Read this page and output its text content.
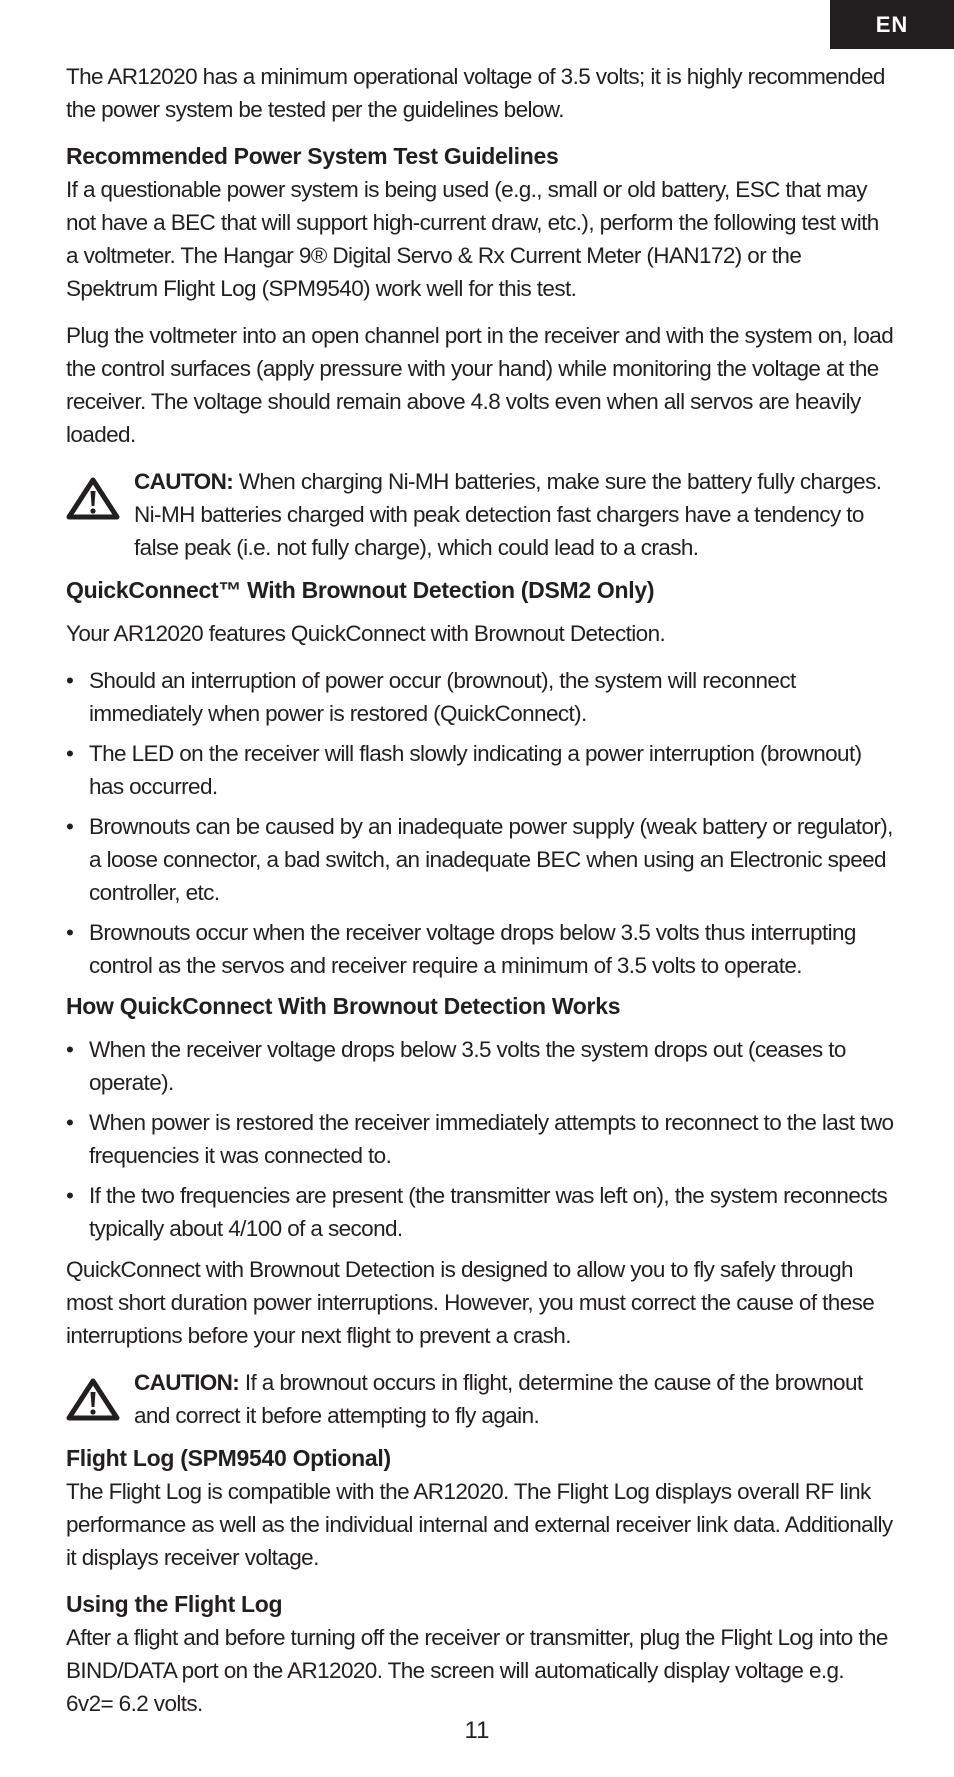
EN

The AR12020 has a minimum operational voltage of 3.5 volts; it is highly recommended the power system be tested per the guidelines below.

Recommended Power System Test Guidelines

If a questionable power system is being used (e.g., small or old battery, ESC that may not have a BEC that will support high-current draw, etc.), perform the following test with a voltmeter. The Hangar 9® Digital Servo & Rx Current Meter (HAN172) or the Spektrum Flight Log (SPM9540) work well for this test.

Plug the voltmeter into an open channel port in the receiver and with the system on, load the control surfaces (apply pressure with your hand) while monitoring the voltage at the receiver. The voltage should remain above 4.8 volts even when all servos are heavily loaded.

CAUTON: When charging Ni-MH batteries, make sure the battery fully charges. Ni-MH batteries charged with peak detection fast chargers have a tendency to false peak (i.e. not fully charge), which could lead to a crash.
QuickConnect™ With Brownout Detection (DSM2 Only)

Your AR12020 features QuickConnect with Brownout Detection.

• Should an interruption of power occur (brownout), the system will reconnect immediately when power is restored (QuickConnect).
• The LED on the receiver will flash slowly indicating a power interruption (brownout) has occurred.
• Brownouts can be caused by an inadequate power supply (weak battery or regulator), a loose connector, a bad switch, an inadequate BEC when using an Electronic speed controller, etc.
• Brownouts occur when the receiver voltage drops below 3.5 volts thus interrupting control as the servos and receiver require a minimum of 3.5 volts to operate.
How QuickConnect With Brownout Detection Works
• When the receiver voltage drops below 3.5 volts the system drops out (ceases to operate).
• When power is restored the receiver immediately attempts to reconnect to the last two frequencies it was connected to.
• If the two frequencies are present (the transmitter was left on), the system reconnects typically about 4/100 of a second.

QuickConnect with Brownout Detection is designed to allow you to fly safely through most short duration power interruptions. However, you must correct the cause of these interruptions before your next flight to prevent a crash.

CAUTION: If a brownout occurs in flight, determine the cause of the brownout and correct it before attempting to fly again.
Flight Log (SPM9540 Optional)

The Flight Log is compatible with the AR12020. The Flight Log displays overall RF link performance as well as the individual internal and external receiver link data. Additionally it displays receiver voltage.

Using the Flight Log

After a flight and before turning off the receiver or transmitter, plug the Flight Log into the BIND/DATA port on the AR12020. The screen will automatically display voltage e.g. 6v2= 6.2 volts.

11
